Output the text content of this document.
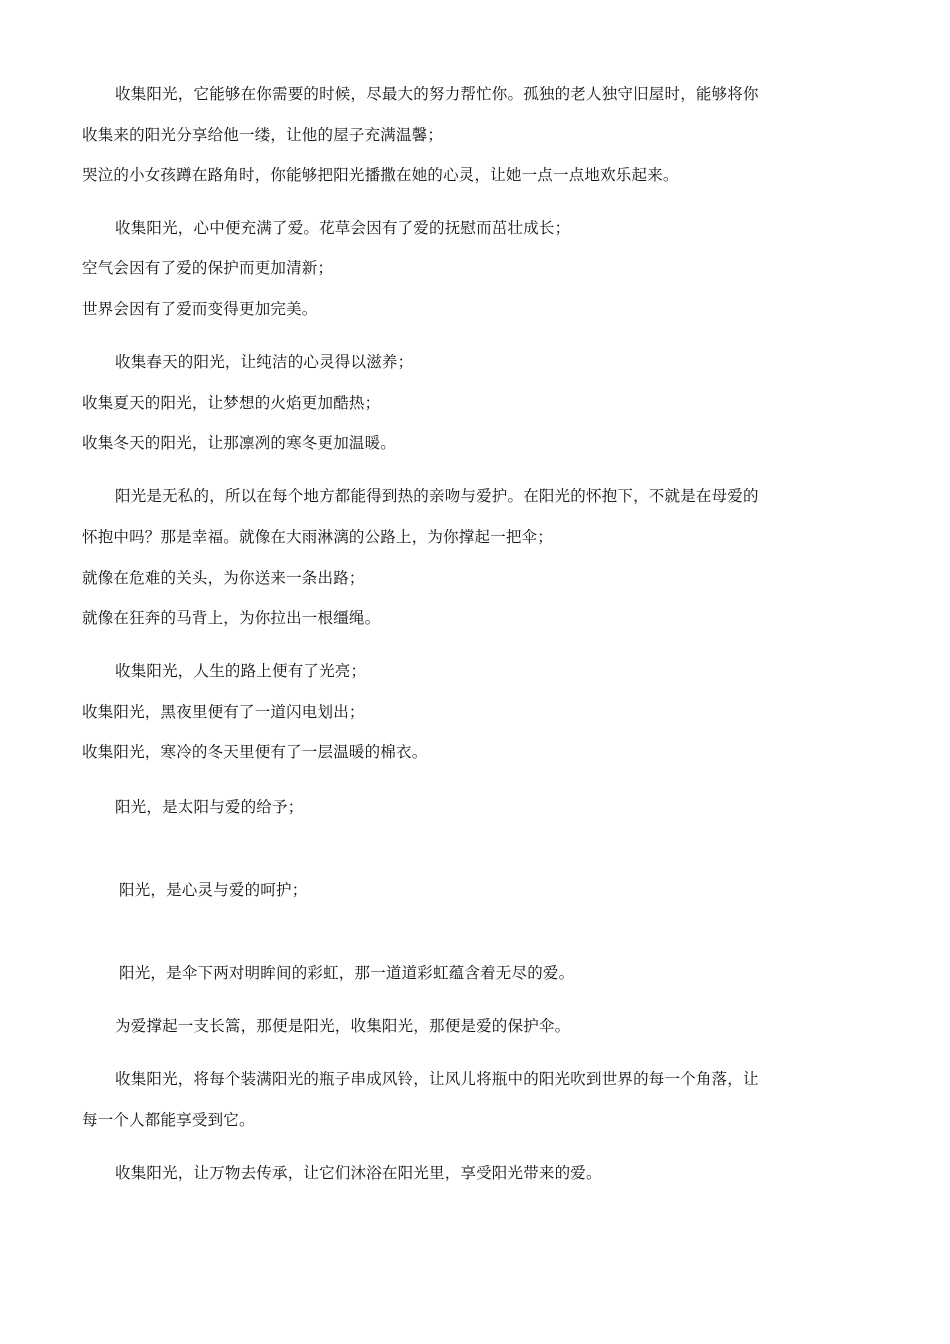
收集阳光，它能够在你需要的时候，尽最大的努力帮忙你。孤独的老人独守旧屋时，能够将你
收集来的阳光分享给他一缕，让他的屋子充满温馨；
哭泣的小女孩蹲在路角时，你能够把阳光播撒在她的心灵，让她一点一点地欢乐起来。
收集阳光，心中便充满了爱。花草会因有了爱的抚慰而茁壮成长；
空气会因有了爱的保护而更加清新；
世界会因有了爱而变得更加完美。
收集春天的阳光，让纯洁的心灵得以滋养；
收集夏天的阳光，让梦想的火焰更加酷热；
收集冬天的阳光，让那凛冽的寒冬更加温暖。
阳光是无私的，所以在每个地方都能得到热的亲吻与爱护。在阳光的怀抱下，不就是在母爱的
怀抱中吗？那是幸福。就像在大雨淋漓的公路上，为你撑起一把伞；
就像在危难的关头，为你送来一条出路；
就像在狂奔的马背上，为你拉出一根缰绳。
收集阳光，人生的路上便有了光亮；
收集阳光，黑夜里便有了一道闪电划出；
收集阳光，寒冷的冬天里便有了一层温暖的棉衣。
阳光，是太阳与爱的给予；
阳光，是心灵与爱的呵护；
阳光，是伞下两对明眸间的彩虹，那一道道彩虹蕴含着无尽的爱。
为爱撑起一支长篙，那便是阳光，收集阳光，那便是爱的保护伞。
收集阳光，将每个装满阳光的瓶子串成风铃，让风儿将瓶中的阳光吹到世界的每一个角落，让
每一个人都能享受到它。
收集阳光，让万物去传承，让它们沐浴在阳光里，享受阳光带来的爱。
